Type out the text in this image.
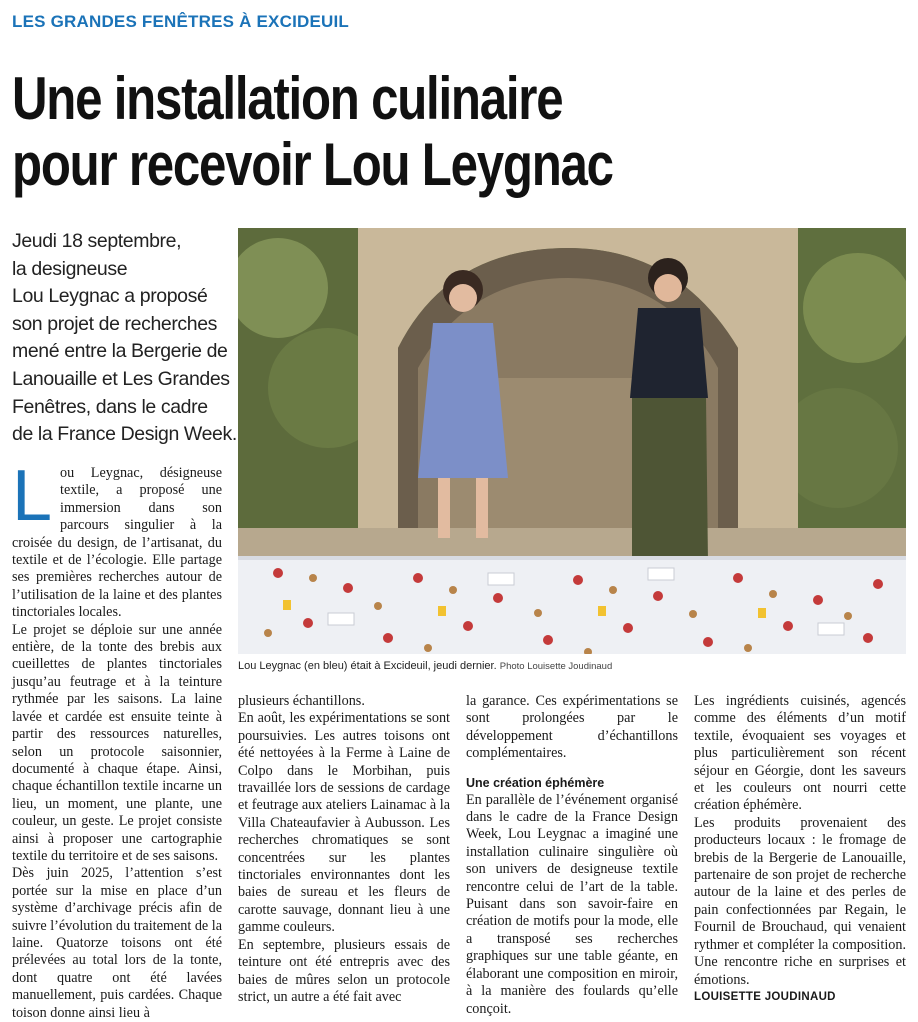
LES GRANDES FENÊTRES À EXCIDEUIL
Une installation culinaire
pour recevoir Lou Leygnac
Jeudi 18 septembre,
la designeuse
Lou Leygnac a proposé
son projet de recherches
mené entre la Bergerie de
Lanouaille et Les Grandes
Fenêtres, dans le cadre
de la France Design Week.
Lou Leygnac (en bleu) était à Excideuil, jeudi dernier. Photo Louisette Joudinaud

Lou Leygnac, désigneuse textile, a proposé une immersion dans son parcours singulier à la croisée du design, de l’artisanat, du textile et de l’écologie. Elle partage ses premières recherches autour de l’utilisation de la laine et des plantes tinctoriales locales.

Le projet se déploie sur une année entière, de la tonte des brebis aux cueillettes de plantes tinctoriales jusqu’au feutrage et à la teinture rythmée par les saisons. La laine lavée et cardée est ensuite teinte à partir des ressources naturelles, selon un protocole saisonnier, documenté à chaque étape. Ainsi, chaque échantillon textile incarne un lieu, un moment, une plante, une couleur, un geste. Le projet consiste ainsi à proposer une cartographie textile du territoire et de ses saisons.

Dès juin 2025, l’attention s’est portée sur la mise en place d’un système d’archivage précis afin de suivre l’évolution du traitement de la laine. Quatorze toisons ont été prélevées au total lors de la tonte, dont quatre ont été lavées manuellement, puis cardées. Chaque toison donne ainsi lieu à

plusieurs échantillons.

En août, les expérimentations se sont poursuivies. Les autres toisons ont été nettoyées à la Ferme à Laine de Colpo dans le Morbihan, puis travaillée lors de sessions de cardage et feutrage aux ateliers Lainamac à la Villa Chateaufavier à Aubusson. Les recherches chromatiques se sont concentrées sur les plantes tinctoriales environnantes dont les baies de sureau et les fleurs de carotte sauvage, donnant lieu à une gamme couleurs.

En septembre, plusieurs essais de teinture ont été entrepris avec des baies de mûres selon un protocole strict, un autre a été fait avec

la garance. Ces expérimentations se sont prolongées par le développement d’échantillons complémentaires.

Une création éphémère

En parallèle de l’événement organisé dans le cadre de la France Design Week, Lou Leygnac a imaginé une installation culinaire singulière où son univers de designeuse textile rencontre celui de l’art de la table. Puisant dans son savoir-faire en création de motifs pour la mode, elle a transposé ses recherches graphiques sur une table géante, en élaborant une composition en miroir, à la manière des foulards qu’elle conçoit.

Les ingrédients cuisinés, agencés comme des éléments d’un motif textile, évoquaient ses voyages et plus particulièrement son récent séjour en Géorgie, dont les saveurs et les couleurs ont nourri cette création éphémère.

Les produits provenaient des producteurs locaux : le fromage de brebis de la Bergerie de Lanouaille, partenaire de son projet de recherche autour de la laine et des perles de pain confectionnées par Regain, le Fournil de Brouchaud, qui venaient rythmer et compléter la composition. Une rencontre riche en surprises et émotions.

LOUISETTE JOUDINAUD
